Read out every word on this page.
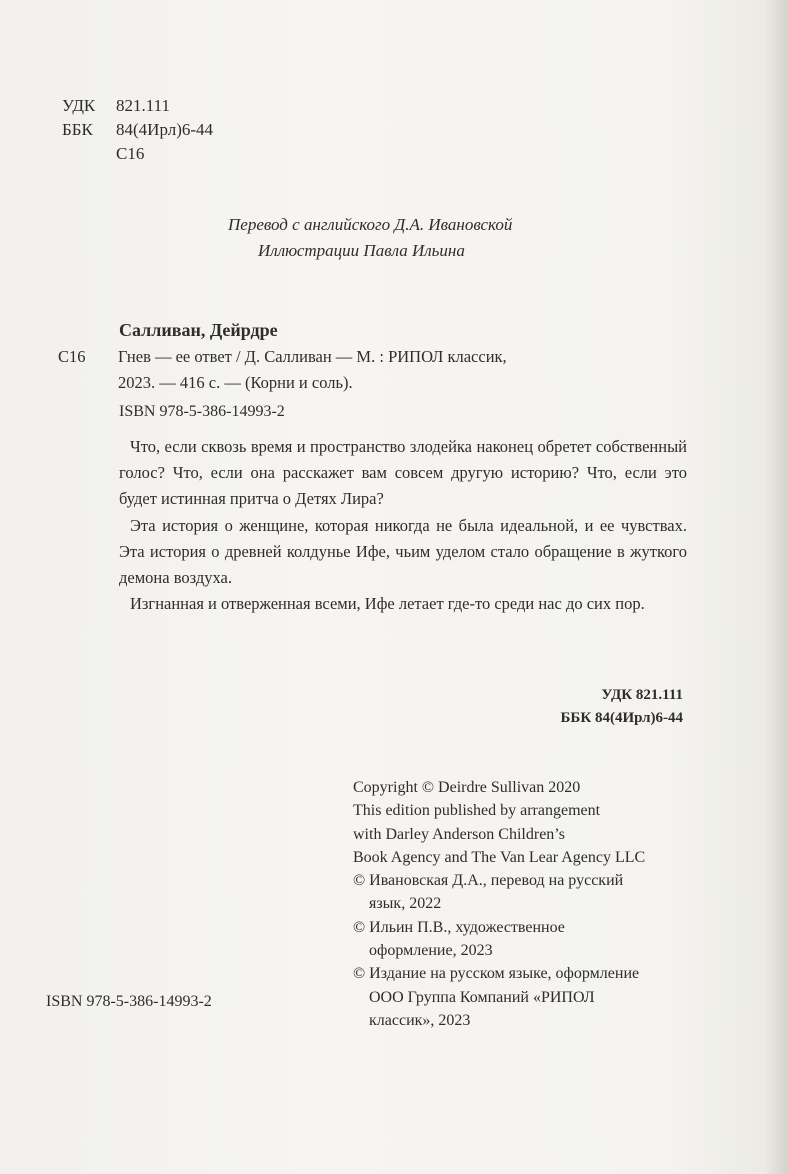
УДК 821.111
ББК 84(4Ирл)6-44
С16
Перевод с английского Д.А. Ивановской
Иллюстрации Павла Ильина
Салливан, Дейрдре
С16 Гнев — ее ответ / Д. Салливан — М. : РИПОЛ классик,
2023. — 416 с. — (Корни и соль).
ISBN 978-5-386-14993-2

Что, если сквозь время и пространство злодейка наконец обретет собственный голос? Что, если она расскажет вам совсем другую историю? Что, если это будет истинная притча о Детях Лира?

Эта история о женщине, которая никогда не была идеальной, и ее чувствах. Эта история о древней колдунье Ифе, чьим уделом стало обращение в жуткого демона воздуха.

Изгнанная и отверженная всеми, Ифе летает где-то среди нас до сих пор.

УДК 821.111
ББК 84(4Ирл)6-44
Copyright © Deirdre Sullivan 2020
This edition published by arrangement
with Darley Anderson Children’s
Book Agency and The Van Lear Agency LLC
© Ивановская Д.А., перевод на русский
язык, 2022
© Ильин П.В., художественное
оформление, 2023
© Издание на русском языке, оформление
ООО Группа Компаний «РИПОЛ
классик», 2023
ISBN 978-5-386-14993-2
